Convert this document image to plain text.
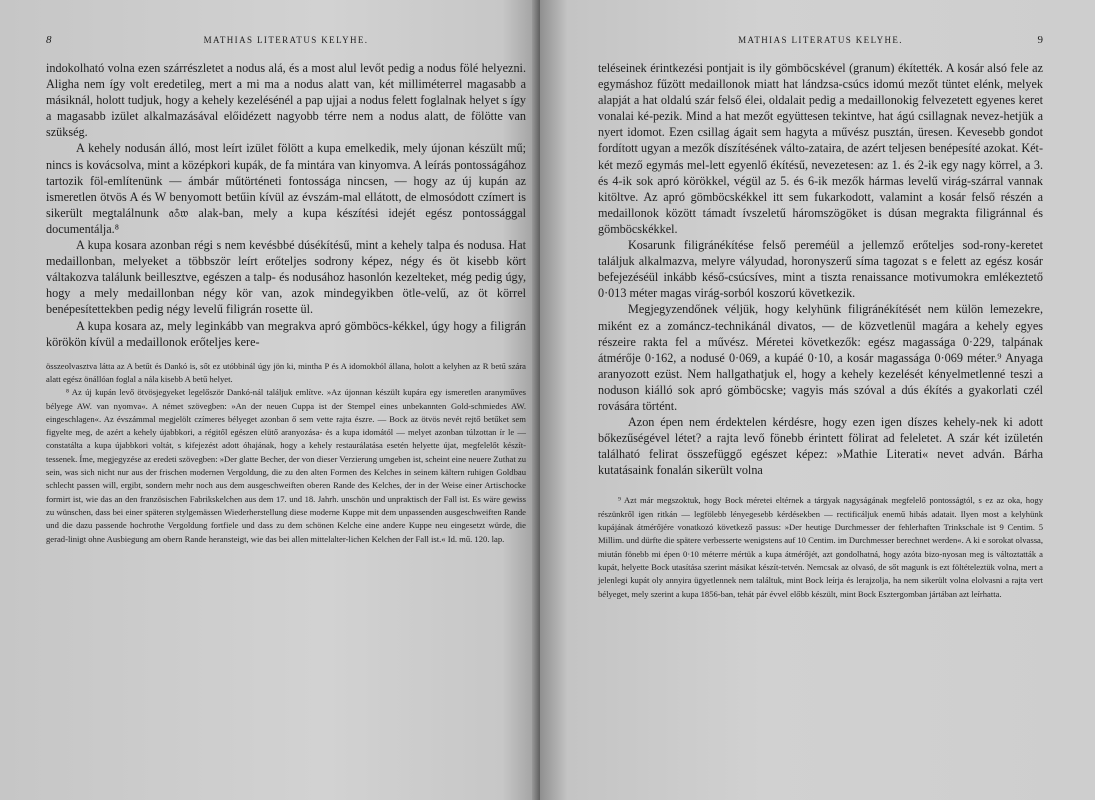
8	MATHIAS LITERATUS KELYHE.

indokolható volna ezen szárrészletet a nodus alá, és a most alul levőt pedig a nodus fölé helyezni. Aligha nem így volt eredetileg, mert a mi ma a nodus alatt van, két milliméterrel magasabb a másiknál, holott tudjuk, hogy a kehely kezelésénél a pap ujjai a nodus felett foglalnak helyet s így a magasabb izület alkalmazásával előidézett nagyobb térre nem a nodus alatt, de fölötte van szükség.

A kehely nodusán álló, most leírt izület fölött a kupa emelkedik, mely újonan készült mű; nincs is kovácsolva, mint a középkori kupák, de fa mintára van kinyomva. A leírás pontosságához tartozik föl-említenünk — ámbár műtörténeti fontossága nincsen, — hogy az új kupán az ismeretlen ötvös A és W benyomott betűin kívül az évszám-mal ellátott, de elmosódott czímert is sikerült megtalálnunk 𝔞♁𝔴 alak-ban, mely a kupa készítési idejét egész pontossággal documentálja.⁸

A kupa kosara azonban régi s nem kevésbbé dúsékítésű, mint a kehely talpa és nodusa. Hat medaillonban, melyeket a többször leírt erőteljes sodrony képez, négy és öt kisebb kört váltakozva találunk beillesztve, egészen a talp- és nodusához hasonlón kezelteket, még pedig úgy, hogy a mely medaillonban négy kör van, azok mindegyikben ötle-velű, az öt körrel benépesítettekben pedig négy levelű filigrán rosette ül.

A kupa kosara az, mely leginkább van megrakva apró gömböcs-kékkel, úgy hogy a filigrán körökön kívül a medaillonok erőteljes kere-

összeolvasztva látta az A betűt és Dankó is, sőt ez utóbbinál úgy jön ki, mintha P és A idomokból állana, holott a kelyhen az R betű szára alatt egész önállóan foglal a nála kisebb A betű helyet.

⁸ Az új kupán levő ötvösjegyeket legelőször Dankó-nál találjuk említve. »Az újonnan készült kupára egy ismeretlen aranyműves bélyege AW. van nyomva«. A német szövegben: »An der neuen Cuppa ist der Stempel eines unbekannten Gold-schmiedes AW. eingeschlagen«. Az évszámmal megjelölt czímeres bélyeget azonban ő sem vette rajta észre. — Bock az ötvös nevét rejtő betűket sem figyelte meg, de azért a kehely újabbkori, a régitől egészen elütő aranyozása- és a kupa idomától — melyet azonban túlzottan ír le — constatálta a kupa újabbkori voltát, s kifejezést adott óhajának, hogy a kehely restaurálatása esetén helyette újat, megfelelőt készít-tessenek. Íme, megjegyzése az eredeti szövegben: »Der glatte Becher, der von dieser Verzierung umgeben ist, scheint eine neuere Zuthat zu sein, was sich nicht nur aus der frischen modernen Vergoldung, die zu den alten Formen des Kelches in seinem kältern ruhigen Goldbau schlecht passen will, ergibt, sondern mehr noch aus dem ausgeschweiften oberen Rande des Kelches, der in der Weise einer Artischocke formirt ist, wie das an den französischen Fabrikskelchen aus dem 17. und 18. Jahrh. unschön und unpraktisch der Fall ist. Es wäre gewiss zu wünschen, dass bei einer späteren stylgemässen Wiederherstellung diese moderne Kuppe mit dem unpassenden ausgeschweiften Rande und die dazu passende hochrothe Vergoldung fortfiele und dass zu dem schönen Kelche eine andere Kuppe neu eingesetzt würde, die gerad-linigt ohne Ausbiegung am obern Rande heransteigt, wie das bei allen mittelalter-lichen Kelchen der Fall ist.« Id. mű. 120. lap.

MATHIAS LITERATUS KELYHE.	9

teléseinek érintkezési pontjait is ily gömböcskével (granum) ékítették. A kosár alsó fele az egymáshoz fűzött medaillonok miatt hat lándzsa-csúcs idomú mezőt tüntet elénk, melyek alapját a hat oldalú szár felső élei, oldalait pedig a medaillonokig felvezetett egyenes keret vonalai ké-pezik. Mind a hat mezőt együttesen tekintve, hat ágú csillagnak nevez-hetjük a nyert idomot. Ezen csillag ágait sem hagyta a művész pusztán, üresen. Kevesebb gondot fordított ugyan a mezők díszítésének válto-zataira, de azért teljesen benépesíté azokat. Két-két mező egymás mel-lett egyenlő ékítésű, nevezetesen: az 1. és 2-ik egy nagy körrel, a 3. és 4-ik sok apró körökkel, végül az 5. és 6-ik mezők hármas levelű virág-szárral vannak kitöltve. Az apró gömböcskékkel itt sem fukarkodott, valamint a kosár felső részén a medaillonok között támadt ívszeletű háromszögöket is dúsan megrakta filigránnal és gömböcskékkel.

Kosarunk filigránékítése felső pereméül a jellemző erőteljes sod-rony-keretet találjuk alkalmazva, melyre vályudad, horonyszerű síma tagozat s e felett az egész kosár befejezéséül inkább késő-csúcsíves, mint a tiszta renaissance motivumokra emlékeztető 0·013 méter magas virág-sorból koszorú következik.

Megjegyzendőnek véljük, hogy kelyhünk filigránékítését nem külön lemezekre, miként ez a zománcz-technikánál divatos, — de közvetlenül magára a kehely egyes részeire rakta fel a művész. Méretei következők: egész magassága 0·229, talpának átmérője 0·162, a nodusé 0·069, a kupáé 0·10, a kosár magassága 0·069 méter.⁹ Anyaga aranyozott ezüst. Nem hallgathatjuk el, hogy a kehely kezelését kényelmetlenné teszi a noduson kiálló sok apró gömböcske; vagyis más szóval a dús ékítés a gyakorlati czél rovására történt.

Azon épen nem érdektelen kérdésre, hogy ezen igen díszes kehely-nek ki adott bőkezűségével létet? a rajta levő fönebb érintett fölirat ad feleletet. A szár két izületén található felirat összefüggő egészet képez: »Mathie Literati« nevet adván. Bárha kutatásaink fonalán sikerült volna

⁹ Azt már megszoktuk, hogy Bock méretei eltérnek a tárgyak nagyságának megfelelő pontosságtól, s ez az oka, hogy részünkről igen ritkán — legfölebb lényegesebb kérdésekben — rectificáljuk enemű hibás adatait. Ilyen most a kelyhünk kupájának átmérőjére vonatkozó következő passus: »Der heutige Durchmesser der fehlerhaften Trinkschale ist 9 Centim. 5 Millim. und dürfte die spätere verbesserte wenigstens auf 10 Centim. im Durchmesser berechnet werden«. A ki e sorokat olvassa, miután fönebb mi épen 0·10 méterre mértük a kupa átmérőjét, azt gondolhatná, hogy azóta bizo-nyosan meg is változtatták a kupát, helyette Bock utasítása szerint másikat készít-tetvén. Nemcsak az olvasó, de sőt magunk is ezt föltételeztük volna, mert a jelenlegi kupát oly annyira ügyetlennek nem találtuk, mint Bock leírja és lerajzolja, ha nem sikerült volna elolvasni a rajta vert bélyeget, mely szerint a kupa 1856-ban, tehát pár évvel előbb készült, mint Bock Esztergomban jártában azt leírhatta.
